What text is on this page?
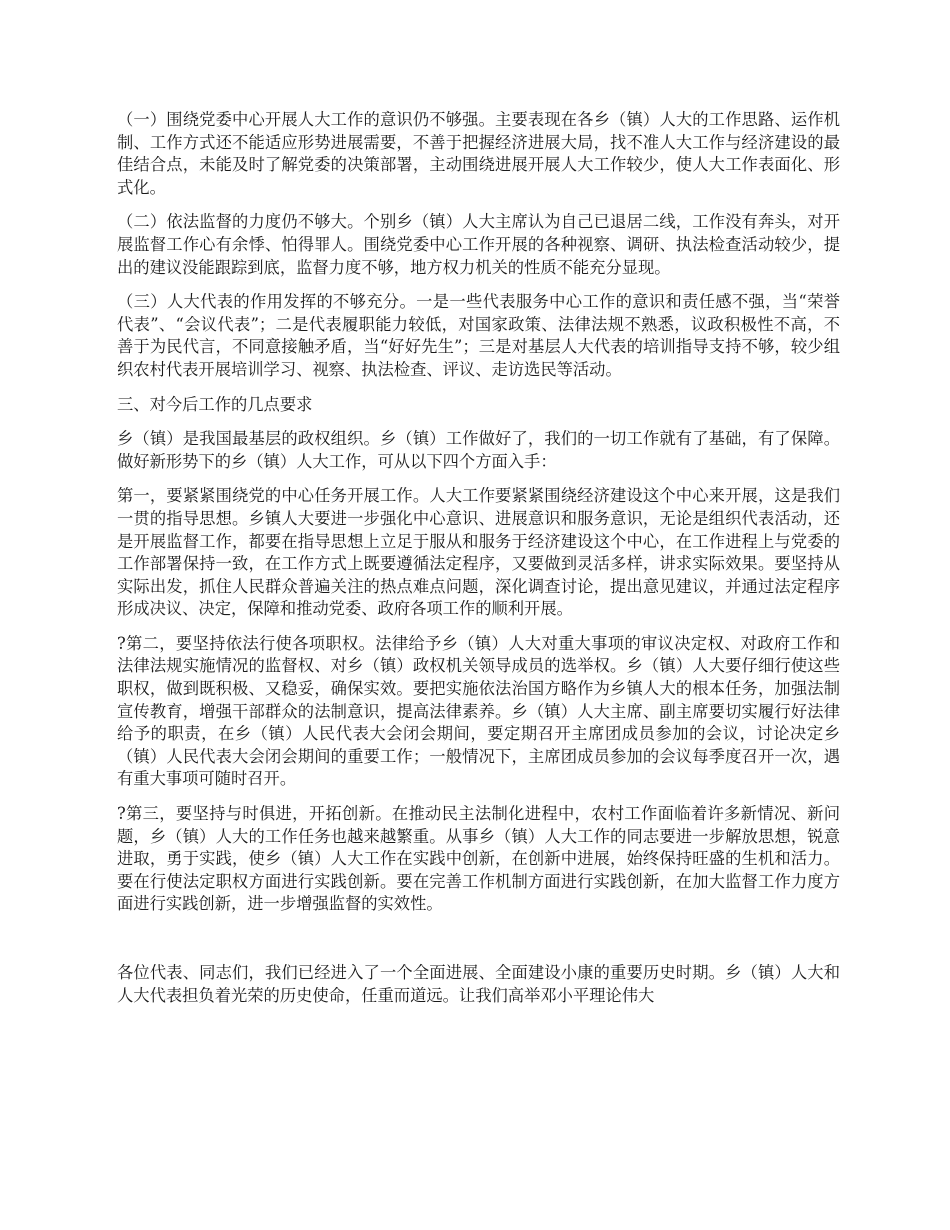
（一）围绕党委中心开展人大工作的意识仍不够强。主要表现在各乡（镇）人大的工作思路、运作机制、工作方式还不能适应形势进展需要，不善于把握经济进展大局，找不准人大工作与经济建设的最佳结合点，未能及时了解党委的决策部署，主动围绕进展开展人大工作较少，使人大工作表面化、形式化。

（二）依法监督的力度仍不够大。个别乡（镇）人大主席认为自己已退居二线，工作没有奔头，对开展监督工作心有余悸、怕得罪人。围绕党委中心工作开展的各种视察、调研、执法检查活动较少，提出的建议没能跟踪到底，监督力度不够，地方权力机关的性质不能充分显现。

（三）人大代表的作用发挥的不够充分。一是一些代表服务中心工作的意识和责任感不强，当“荣誉代表”、“会议代表”；二是代表履职能力较低，对国家政策、法律法规不熟悉，议政积极性不高，不善于为民代言，不同意接触矛盾，当“好好先生”；三是对基层人大代表的培训指导支持不够，较少组织农村代表开展培训学习、视察、执法检查、评议、走访选民等活动。

三、对今后工作的几点要求

乡（镇）是我国最基层的政权组织。乡（镇）工作做好了，我们的一切工作就有了基础，有了保障。做好新形势下的乡（镇）人大工作，可从以下四个方面入手：

第一，要紧紧围绕党的中心任务开展工作。人大工作要紧紧围绕经济建设这个中心来开展，这是我们一贯的指导思想。乡镇人大要进一步强化中心意识、进展意识和服务意识，无论是组织代表活动，还是开展监督工作，都要在指导思想上立足于服从和服务于经济建设这个中心，在工作进程上与党委的工作部署保持一致，在工作方式上既要遵循法定程序，又要做到灵活多样，讲求实际效果。要坚持从实际出发，抓住人民群众普遍关注的热点难点问题，深化调查讨论，提出意见建议，并通过法定程序形成决议、决定，保障和推动党委、政府各项工作的顺利开展。

?第二，要坚持依法行使各项职权。法律给予乡（镇）人大对重大事项的审议决定权、对政府工作和法律法规实施情况的监督权、对乡（镇）政权机关领导成员的选举权。乡（镇）人大要仔细行使这些职权，做到既积极、又稳妥，确保实效。要把实施依法治国方略作为乡镇人大的根本任务，加强法制宣传教育，增强干部群众的法制意识，提高法律素养。乡（镇）人大主席、副主席要切实履行好法律给予的职责，在乡（镇）人民代表大会闭会期间，要定期召开主席团成员参加的会议，讨论决定乡（镇）人民代表大会闭会期间的重要工作；一般情况下，主席团成员参加的会议每季度召开一次，遇有重大事项可随时召开。

?第三，要坚持与时俱进，开拓创新。在推动民主法制化进程中，农村工作面临着许多新情况、新问题，乡（镇）人大的工作任务也越来越繁重。从事乡（镇）人大工作的同志要进一步解放思想，锐意进取，勇于实践，使乡（镇）人大工作在实践中创新，在创新中进展，始终保持旺盛的生机和活力。要在行使法定职权方面进行实践创新。要在完善工作机制方面进行实践创新，在加大监督工作力度方面进行实践创新，进一步增强监督的实效性。

各位代表、同志们，我们已经进入了一个全面进展、全面建设小康的重要历史时期。乡（镇）人大和人大代表担负着光荣的历史使命，任重而道远。让我们高举邓小平理论伟大
